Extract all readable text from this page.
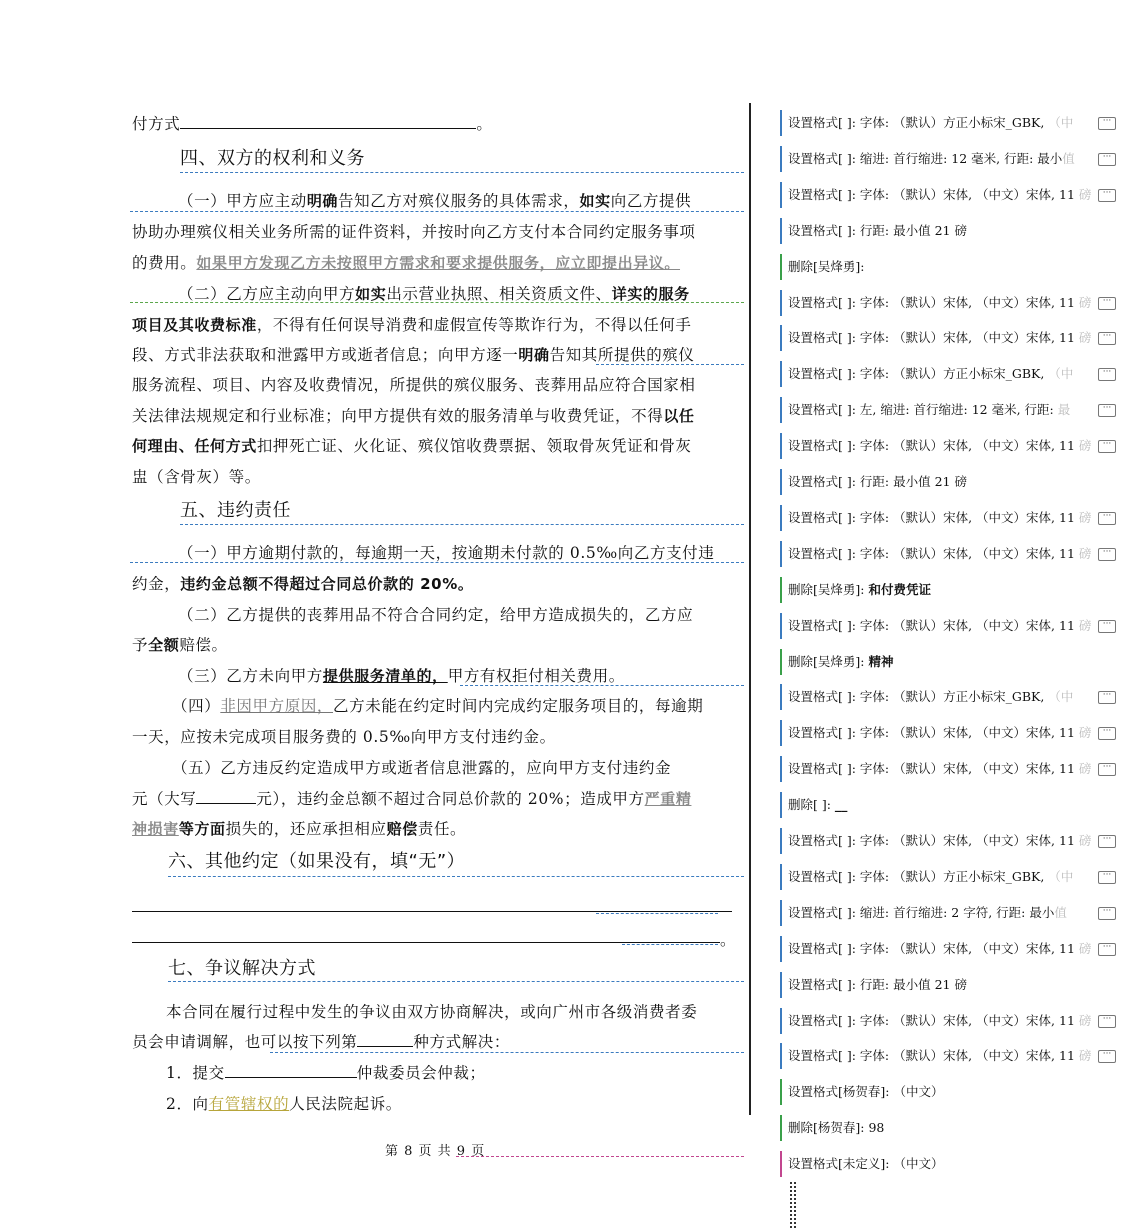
付方式	。
四、双方的权利和义务
（一）甲方应主动明确告知乙方对殡仪服务的具体需求，如实向乙方提供
协助办理殡仪相关业务所需的证件资料，并按时向乙方支付本合同约定服务事项
的费用。如果甲方发现乙方未按照甲方需求和要求提供服务，应立即提出异议。
（二）乙方应主动向甲方如实出示营业执照、相关资质文件、详实的服务
项目及其收费标准，不得有任何误导消费和虚假宣传等欺诈行为，不得以任何手
段、方式非法获取和泄露甲方或逝者信息；向甲方逐一明确告知其所提供的殡仪
服务流程、项目、内容及收费情况，所提供的殡仪服务、丧葬用品应符合国家相
关法律法规规定和行业标准；向甲方提供有效的服务清单与收费凭证，不得以任
何理由、任何方式扣押死亡证、火化证、殡仪馆收费票据、领取骨灰凭证和骨灰
盅（含骨灰）等。
五、违约责任
（一）甲方逾期付款的，每逾期一天，按逾期未付款的 0.5‰向乙方支付违
约金，违约金总额不得超过合同总价款的 20%。
（二）乙方提供的丧葬用品不符合合同约定，给甲方造成损失的，乙方应
予全额赔偿。
（三）乙方未向甲方提供服务清单的，甲方有权拒付相关费用。
（四）非因甲方原因，乙方未能在约定时间内完成约定服务项目的，每逾期
一天，应按未完成项目服务费的 0.5‰向甲方支付违约金。
（五）乙方违反约定造成甲方或逝者信息泄露的，应向甲方支付违约金
元（大写	元），违约金总额不超过合同总价款的 20%；造成甲方严重精
神损害等方面损失的，还应承担相应赔偿责任。
六、其他约定（如果没有，填“无”）
。
七、争议解决方式
本合同在履行过程中发生的争议由双方协商解决，或向广州市各级消费者委
员会申请调解，也可以按下列第	种方式解决：
1．提交	仲裁委员会仲裁；
2．向有管辖权的人民法院起诉。
第 8 页 共 9 页
设置格式[ ]: 字体: （默认）方正小标宋_GBK, （中	···
设置格式[ ]: 缩进: 首行缩进: 12 毫米, 行距: 最小值	···
设置格式[ ]: 字体: （默认）宋体, （中文）宋体, 11 磅	···
设置格式[ ]: 行距: 最小值 21 磅
删除[吴烽勇]:
设置格式[ ]: 字体: （默认）宋体, （中文）宋体, 11 磅	···
设置格式[ ]: 字体: （默认）宋体, （中文）宋体, 11 磅	···
设置格式[ ]: 字体: （默认）方正小标宋_GBK, （中	···
设置格式[ ]: 左, 缩进: 首行缩进: 12 毫米, 行距: 最	···
设置格式[ ]: 字体: （默认）宋体, （中文）宋体, 11 磅	···
设置格式[ ]: 行距: 最小值 21 磅
设置格式[ ]: 字体: （默认）宋体, （中文）宋体, 11 磅	···
设置格式[ ]: 字体: （默认）宋体, （中文）宋体, 11 磅	···
删除[吴烽勇]: 和付费凭证
设置格式[ ]: 字体: （默认）宋体, （中文）宋体, 11 磅	···
删除[吴烽勇]: 精神
设置格式[ ]: 字体: （默认）方正小标宋_GBK, （中	···
设置格式[ ]: 字体: （默认）宋体, （中文）宋体, 11 磅	···
设置格式[ ]: 字体: （默认）宋体, （中文）宋体, 11 磅	···
删除[ ]: __
设置格式[ ]: 字体: （默认）宋体, （中文）宋体, 11 磅	···
设置格式[ ]: 字体: （默认）方正小标宋_GBK, （中	···
设置格式[ ]: 缩进: 首行缩进: 2 字符, 行距: 最小值	···
设置格式[ ]: 字体: （默认）宋体, （中文）宋体, 11 磅	···
设置格式[ ]: 行距: 最小值 21 磅
设置格式[ ]: 字体: （默认）宋体, （中文）宋体, 11 磅	···
设置格式[ ]: 字体: （默认）宋体, （中文）宋体, 11 磅	···
设置格式[杨贺春]: （中文）
删除[杨贺春]: 98
设置格式[未定义]: （中文）
